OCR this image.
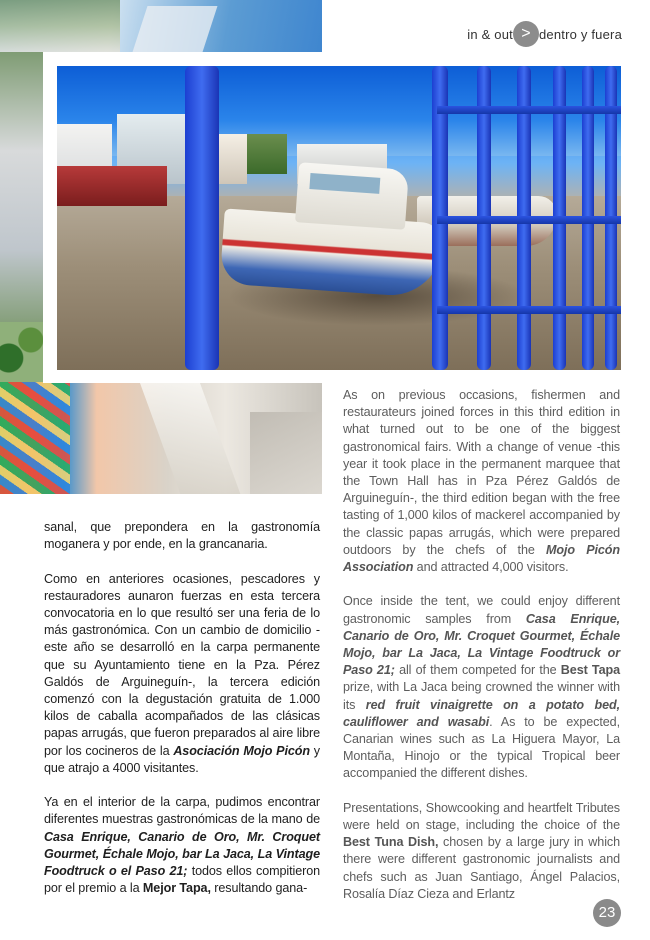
in & out > dentro y fuera

sanal, que prepondera en la gastronomía moganera y por ende, en la grancanaria.

Como en anteriores ocasiones, pescadores y restauradores aunaron fuerzas en esta tercera convocatoria en lo que resultó ser una feria de lo más gastronómica. Con un cambio de domicilio -este año se desarrolló en la carpa permanente que su Ayuntamiento tiene en la Pza. Pérez Galdós de Arguineguín-, la tercera edición comenzó con la degustación gratuita de 1.000 kilos de caballa acompañados de las clásicas papas arrugás, que fueron preparados al aire libre por los cocineros de la Asociación Mojo Picón y que atrajo a 4000 visitantes.

Ya en el interior de la carpa, pudimos encontrar diferentes muestras gastronómicas de la mano de Casa Enrique, Canario de Oro, Mr. Croquet Gourmet, Échale Mojo, bar La Jaca, La Vintage Foodtruck o el Paso 21; todos ellos compitieron por el premio a la Mejor Tapa, resultando gana-

As on previous occasions, fishermen and restaurateurs joined forces in this third edition in what turned out to be one of the biggest gastronomical fairs. With a change of venue -this year it took place in the permanent marquee that the Town Hall has in Pza Pérez Galdós de Arguineguín-, the third edition began with the free tasting of 1,000 kilos of mackerel accompanied by the classic papas arrugás, which were prepared outdoors by the chefs of the Mojo Picón Association and attracted 4,000 visitors.

Once inside the tent, we could enjoy different gastronomic samples from Casa Enrique, Canario de Oro, Mr. Croquet Gourmet, Échale Mojo, bar La Jaca, La Vintage Foodtruck or Paso 21; all of them competed for the Best Tapa prize, with La Jaca being crowned the winner with its red fruit vinaigrette on a potato bed, cauliflower and wasabi. As to be expected, Canarian wines such as La Higuera Mayor, La Montaña, Hinojo or the typical Tropical beer accompanied the different dishes.

Presentations, Showcooking and heartfelt Tributes were held on stage, including the choice of the Best Tuna Dish, chosen by a large jury in which there were different gastronomic journalists and chefs such as Juan Santiago, Ángel Palacios, Rosalía Díaz Cieza and Erlantz

23
